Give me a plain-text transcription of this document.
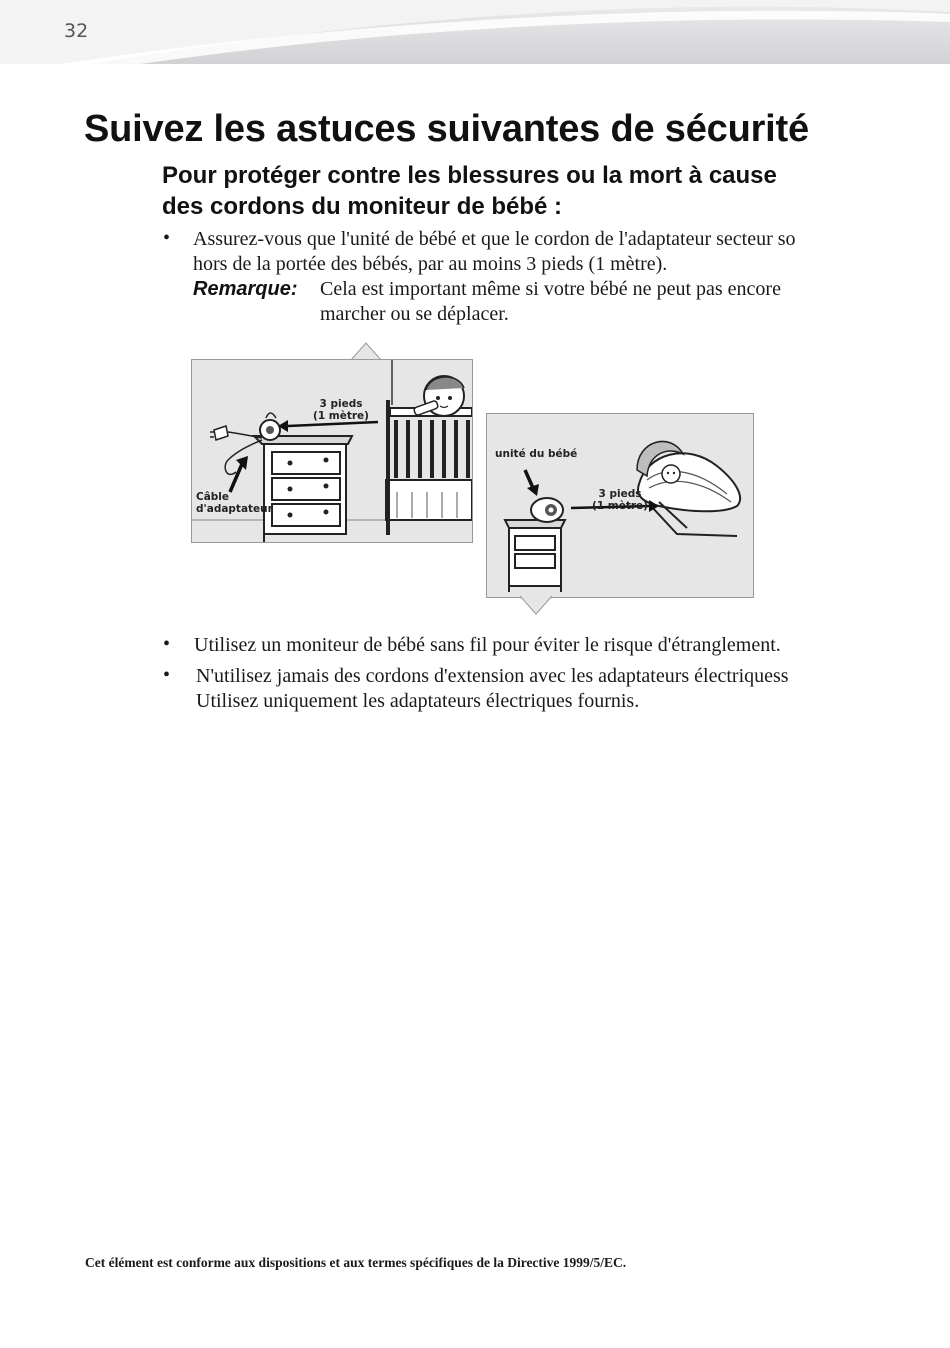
32
Suivez les astuces suivantes de sécurité
Pour protéger contre les blessures ou la mort à cause
des cordons du moniteur de bébé :
• Assurez-vous que l'unité de bébé et que le cordon de l'adaptateur secteur so
hors de la portée des bébés, par au moins 3 pieds (1 mètre).
Remarque: Cela est important même si votre bébé ne peut pas encore
marcher ou se déplacer.
3 pieds
(1 mètre)
Câble
d'adaptateur
unité du bébé
3 pieds
(1 mètre)
• Utilisez un moniteur de bébé sans fil pour éviter le risque d'étranglement.
• N'utilisez jamais des cordons d'extension avec les adaptateurs électriquess
Utilisez uniquement les adaptateurs électriques fournis.
Cet élément est conforme aux dispositions et aux termes spécifiques de la Directive 1999/5/EC.
